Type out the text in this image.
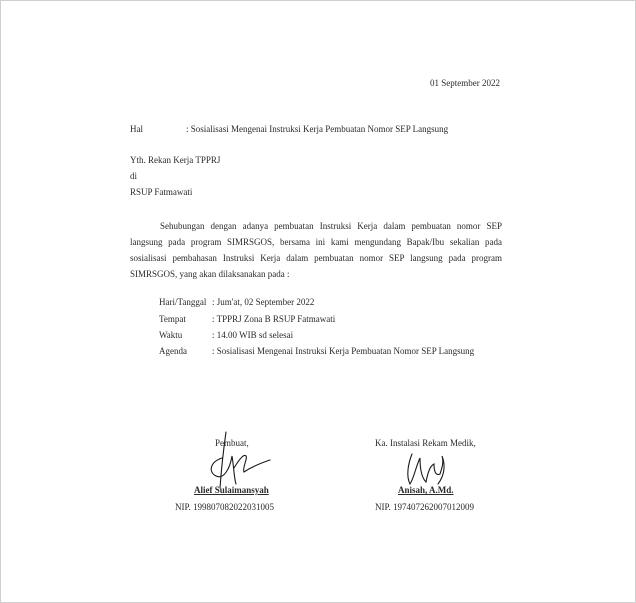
01 September 2022
Hal	: Sosialisasi Mengenai Instruksi Kerja Pembuatan Nomor SEP Langsung
Yth. Rekan Kerja TPPRJ
di
RSUP Fatmawati
Sehubungan dengan adanya pembuatan Instruksi Kerja dalam pembuatan nomor SEP langsung pada program SIMRSGOS, bersama ini kami mengundang Bapak/Ibu sekalian pada sosialisasi pembahasan Instruksi Kerja dalam pembuatan nomor SEP langsung pada program SIMRSGOS, yang akan dilaksanakan pada :
Hari/Tanggal : Jum'at, 02 September 2022
Tempat	: TPPRJ Zona B RSUP Fatmawati
Waktu	: 14.00 WIB sd selesai
Agenda	: Sosialisasi Mengenai Instruksi Kerja Pembuatan Nomor SEP Langsung
Pembuat,
Alief Sulaimansyah
NIP. 199807082022031005
Ka. Instalasi Rekam Medik,
Anisah, A.Md.
NIP. 197407262007012009
